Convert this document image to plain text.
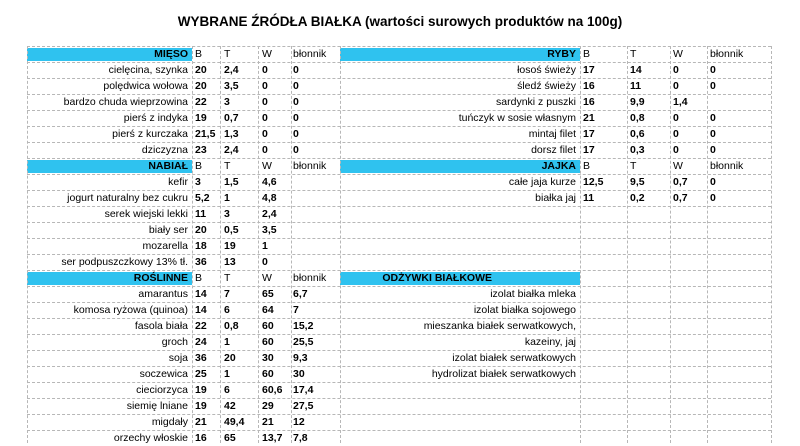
WYBRANE ŹRÓDŁA BIAŁKA (wartości surowych produktów na 100g)
MIĘSO B T	W błonnik
cielęcina, szynka 20 2,4 0 0
polędwica wołowa 20 3,5 0 0
bardzo chuda wieprzowina 22 3	0 0
pierś z indyka 19 0,7 0 0
pierś z kurczaka 21,5 1,3 0 0
dziczyzna 23 2,4 0 0
RYBY B	T	W	błonnik
łosoś świeży 17	14	0	0
śledź świeży 16	11	0	0
sardynki z puszki 16	9,9	1,4
tuńczyk w sosie własnym 21	0,8	0	0
mintaj filet 17	0,6	0	0
dorsz filet 17	0,3	0	0
NABIAŁ B T	W błonnik
kefir 3 1,5 4,6
jogurt naturalny bez cukru 5,2 1	4,8
serek wiejski lekki 11 3	2,4
biały ser 20 0,5 3,5
mozarella 18 19	1
ser podpuszczkowy 13% tł. 36 13	0
JAJKA B	T	W	błonnik
całe jaja kurze 12,5	9,5	0,7 0
białka jaj 11	0,2	0,7 0
ROŚLINNE B T	W błonnik
amarantus 14 7	65 6,7
komosa ryżowa (quinoa) 14 6	64 7
fasola biała 22 0,8 60 15,2
groch 24 1	60 25,5
soja 36 20	30 9,3
soczewica 25 1	60 30
cieciorzyca 19 6	60,6 17,4
siemię lniane 19 42	29 27,5
migdały 21 49,4 21 12
orzechy włoskie 16 65	13,7 7,8
ODŻYWKI BIAŁKOWE
izolat białka mleka
izolat białka sojowego
mieszanka białek serwatkowych,
kazeiny, jaj
izolat białek serwatkowych
hydrolizat białek serwatkowych
